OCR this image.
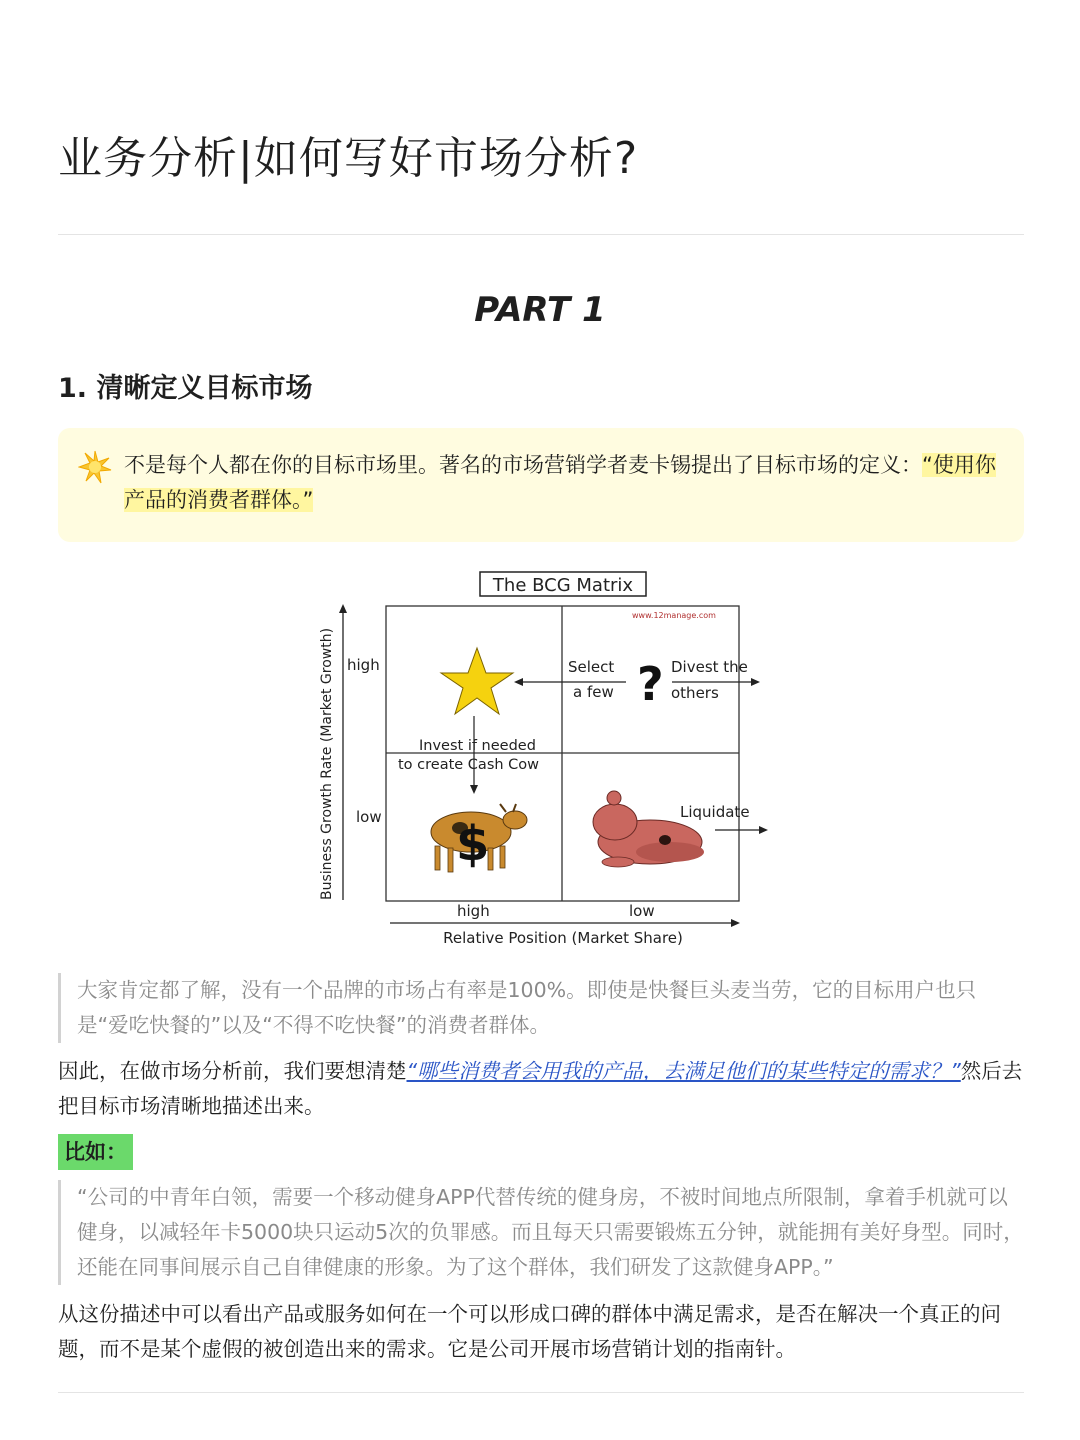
业务分析|如何写好市场分析?
PART 1
1. 清晰定义目标市场
不是每个人都在你的目标市场里。著名的市场营销学者麦卡锡提出了目标市场的定义：“使用你产品的消费者群体。”
The BCG Matrix
Business Growth Rate (Market Growth)
www.12manage.com
high
low
Select
a few ? Divest the
others
Invest if needed
to create Cash Cow
$
Liquidate
high	low
Relative Position (Market Share)
大家肯定都了解，没有一个品牌的市场占有率是100%。即使是快餐巨头麦当劳，它的目标用户也只是“爱吃快餐的”以及“不得不吃快餐”的消费者群体。
因此，在做市场分析前，我们要想清楚“哪些消费者会用我的产品，去满足他们的某些特定的需求？”然后去把目标市场清晰地描述出来。
比如：
“公司的中青年白领，需要一个移动健身APP代替传统的健身房，不被时间地点所限制，拿着手机就可以健身，以减轻年卡5000块只运动5次的负罪感。而且每天只需要锻炼五分钟，就能拥有美好身型。同时，还能在同事间展示自己自律健康的形象。为了这个群体，我们研发了这款健身APP。”
从这份描述中可以看出产品或服务如何在一个可以形成口碑的群体中满足需求，是否在解决一个真正的问题，而不是某个虚假的被创造出来的需求。它是公司开展市场营销计划的指南针。
